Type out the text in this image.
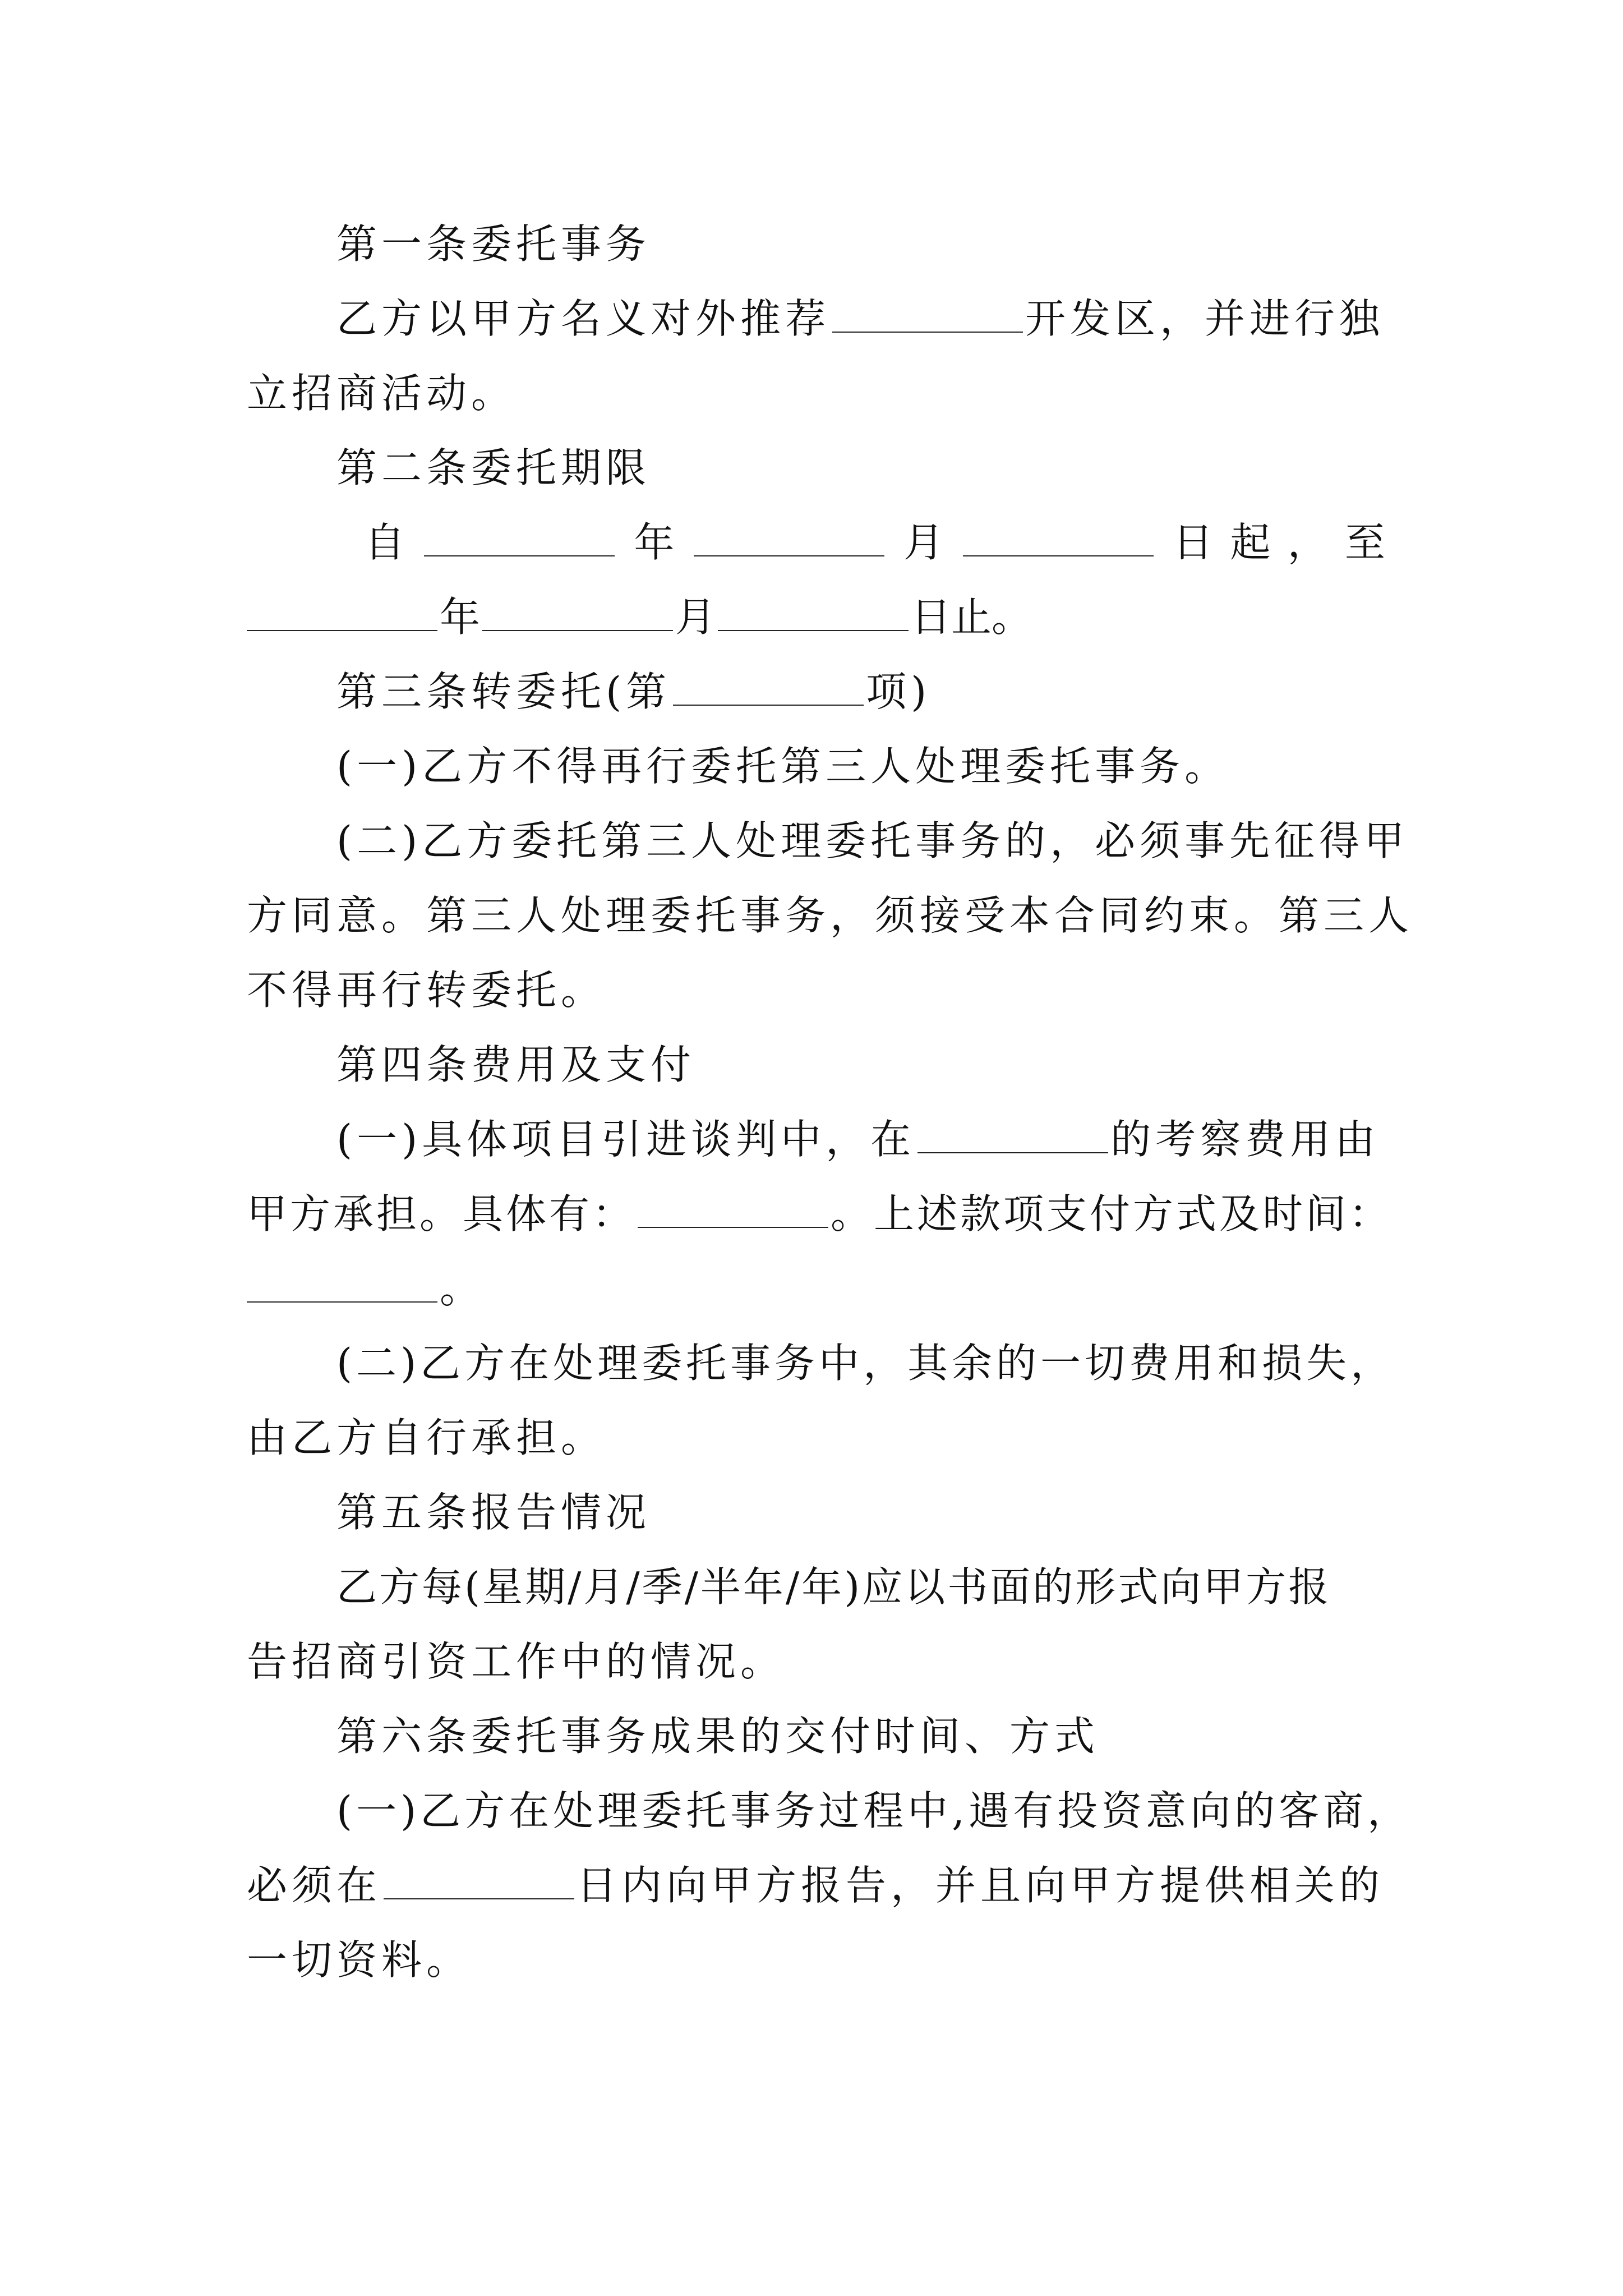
第一条委托事务
乙方以甲方名义对外推荐	开发区，并进行独
立招商活动。
第二条委托期限
自	年	月	日 起 ， 至
年	月	日止。
第三条转委托(第	项)
(一)乙方不得再行委托第三人处理委托事务。
(二)乙方委托第三人处理委托事务的，必须事先征得甲
方同意。第三人处理委托事务，须接受本合同约束。第三人
不得再行转委托。
第四条费用及支付
(一)具体项目引进谈判中，在	的考察费用由
甲方承担。具体有：	。上述款项支付方式及时间：
。
(二)乙方在处理委托事务中，其余的一切费用和损失，
由乙方自行承担。
第五条报告情况
乙方每(星期/月/季/半年/年)应以书面的形式向甲方报
告招商引资工作中的情况。
第六条委托事务成果的交付时间、方式
(一)乙方在处理委托事务过程中,遇有投资意向的客商，
必须在	日内向甲方报告，并且向甲方提供相关的
一切资料。
